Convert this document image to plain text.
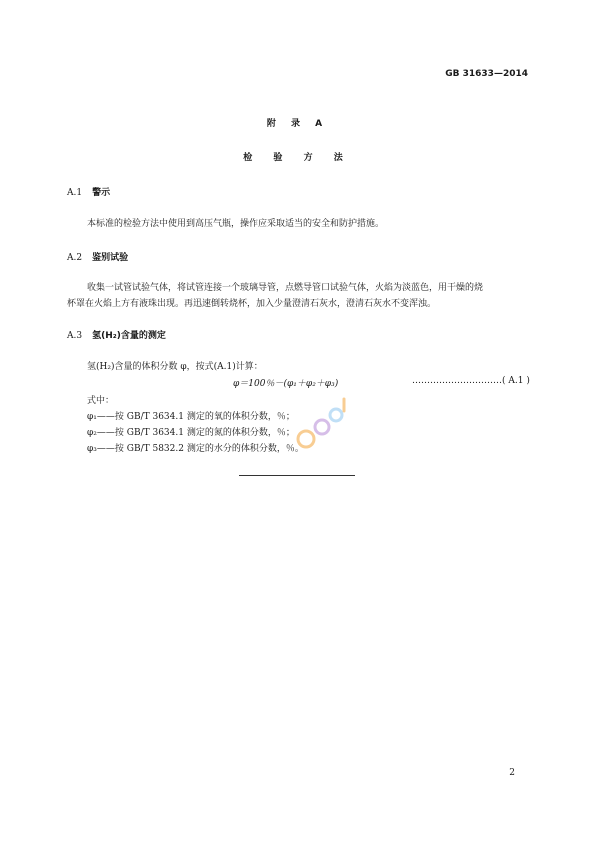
GB 31633—2014
附 录 A
检 验 方 法
A.1 警示
本标准的检验方法中使用到高压气瓶，操作应采取适当的安全和防护措施。
A.2 鉴别试验
收集一试管试验气体，将试管连接一个玻璃导管，点燃导管口试验气体，火焰为淡蓝色，用干燥的烧
杯罩在火焰上方有液珠出现。再迅速倒转烧杯，加入少量澄清石灰水，澄清石灰水不变浑浊。
A.3 氢(H₂)含量的测定
氢(H₂)含量的体积分数 φ，按式(A.1)计算：
φ＝100％－(φ₁＋φ₂＋φ₃)	…………………………( A.1 )
式中：
φ₁——按 GB/T 3634.1 测定的氧的体积分数，％；
φ₂——按 GB/T 3634.1 测定的氮的体积分数，％；
φ₃——按 GB/T 5832.2 测定的水分的体积分数，％。
2
